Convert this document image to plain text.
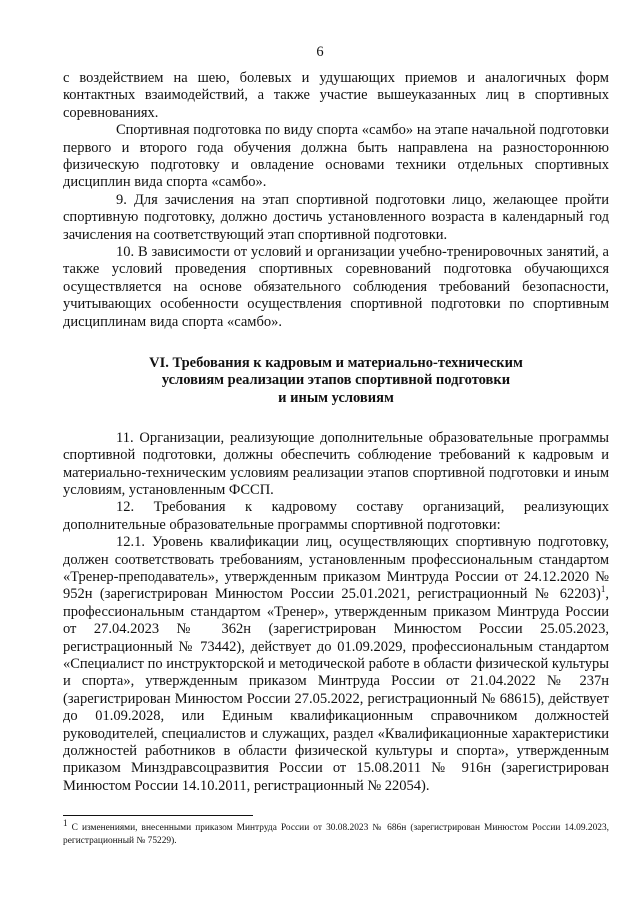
6

с воздействием на шею, болевых и удушающих приемов и аналогичных форм контактных взаимодействий, а также участие вышеуказанных лиц в спортивных соревнованиях.

Спортивная подготовка по виду спорта «самбо» на этапе начальной подготовки первого и второго года обучения должна быть направлена на разностороннюю физическую подготовку и овладение основами техники отдельных спортивных дисциплин вида спорта «самбо».

9. Для зачисления на этап спортивной подготовки лицо, желающее пройти спортивную подготовку, должно достичь установленного возраста в календарный год зачисления на соответствующий этап спортивной подготовки.

10. В зависимости от условий и организации учебно-тренировочных занятий, а также условий проведения спортивных соревнований подготовка обучающихся осуществляется на основе обязательного соблюдения требований безопасности, учитывающих особенности осуществления спортивной подготовки по спортивным дисциплинам вида спорта «самбо».

VI. Требования к кадровым и материально-техническим
условиям реализации этапов спортивной подготовки
и иным условиям

11. Организации, реализующие дополнительные образовательные программы спортивной подготовки, должны обеспечить соблюдение требований к кадровым и материально-техническим условиям реализации этапов спортивной подготовки и иным условиям, установленным ФССП.

12. Требования к кадровому составу организаций, реализующих дополнительные образовательные программы спортивной подготовки:

12.1. Уровень квалификации лиц, осуществляющих спортивную подготовку, должен соответствовать требованиям, установленным профессиональным стандартом «Тренер-преподаватель», утвержденным приказом Минтруда России от 24.12.2020 № 952н (зарегистрирован Минюстом России 25.01.2021, регистрационный № 62203)$^1$, профессиональным стандартом «Тренер», утвержденным приказом Минтруда России от 27.04.2023 № 362н (зарегистрирован Минюстом России 25.05.2023, регистрационный № 73442), действует до 01.09.2029, профессиональным стандартом «Специалист по инструкторской и методической работе в области физической культуры и спорта», утвержденным приказом Минтруда России от 21.04.2022 № 237н (зарегистрирован Минюстом России 27.05.2022, регистрационный № 68615), действует до 01.09.2028, или Единым квалификационным справочником должностей руководителей, специалистов и служащих, раздел «Квалификационные характеристики должностей работников в области физической культуры и спорта», утвержденным приказом Минздравсоцразвития России от 15.08.2011 № 916н (зарегистрирован Минюстом России 14.10.2011, регистрационный № 22054).

$^1$ С изменениями, внесенными приказом Минтруда России от 30.08.2023 № 686н (зарегистрирован Минюстом России 14.09.2023, регистрационный № 75229).
